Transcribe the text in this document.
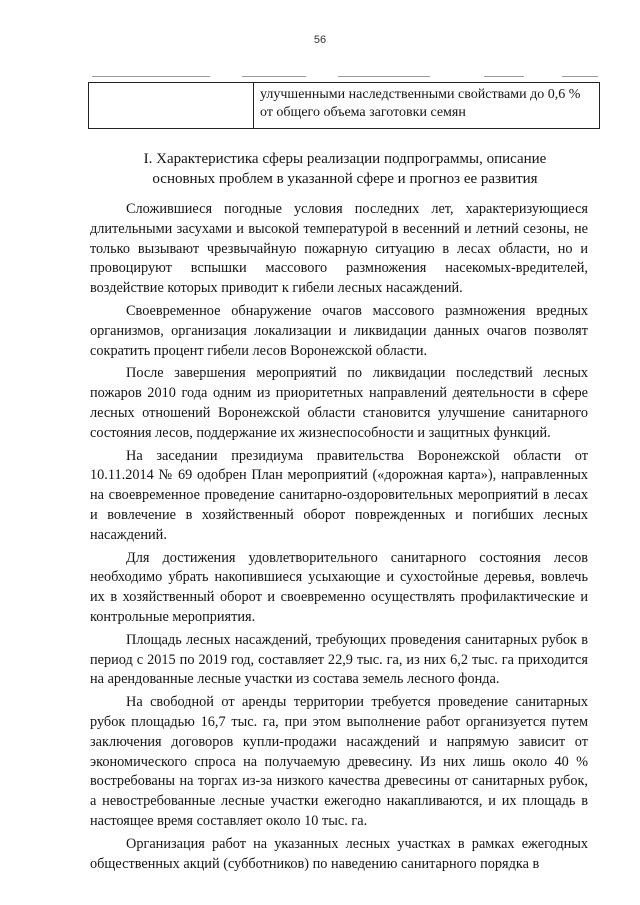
56

улучшенными наследственными свойствами до 0,6 %
от общего объема заготовки семян
I. Характеристика сферы реализации подпрограммы, описание
основных проблем в указанной сфере и прогноз ее развития

Сложившиеся погодные условия последних лет, характеризующиеся длительными засухами и высокой температурой в весенний и летний сезоны, не только вызывают чрезвычайную пожарную ситуацию в лесах области, но и провоцируют вспышки массового размножения насекомых-вредителей, воздействие которых приводит к гибели лесных насаждений.

Своевременное обнаружение очагов массового размножения вредных организмов, организация локализации и ликвидации данных очагов позволят сократить процент гибели лесов Воронежской области.

После завершения мероприятий по ликвидации последствий лесных пожаров 2010 года одним из приоритетных направлений деятельности в сфере лесных отношений Воронежской области становится улучшение санитарного состояния лесов, поддержание их жизнеспособности и защитных функций.

На заседании президиума правительства Воронежской области от 10.11.2014 № 69 одобрен План мероприятий («дорожная карта»), направленных на своевременное проведение санитарно-оздоровительных мероприятий в лесах и вовлечение в хозяйственный оборот поврежденных и погибших лесных насаждений.

Для достижения удовлетворительного санитарного состояния лесов необходимо убрать накопившиеся усыхающие и сухостойные деревья, вовлечь их в хозяйственный оборот и своевременно осуществлять профилактические и контрольные мероприятия.

Площадь лесных насаждений, требующих проведения санитарных рубок в период с 2015 по 2019 год, составляет 22,9 тыс. га, из них 6,2 тыс. га приходится на арендованные лесные участки из состава земель лесного фонда.

На свободной от аренды территории требуется проведение санитарных рубок площадью 16,7 тыс. га, при этом выполнение работ организуется путем заключения договоров купли-продажи насаждений и напрямую зависит от экономического спроса на получаемую древесину. Из них лишь около 40 % востребованы на торгах из-за низкого качества древесины от санитарных рубок, а невостребованные лесные участки ежегодно накапливаются, и их площадь в настоящее время составляет около 10 тыс. га.

Организация работ на указанных лесных участках в рамках ежегодных общественных акций (субботников) по наведению санитарного порядка в
